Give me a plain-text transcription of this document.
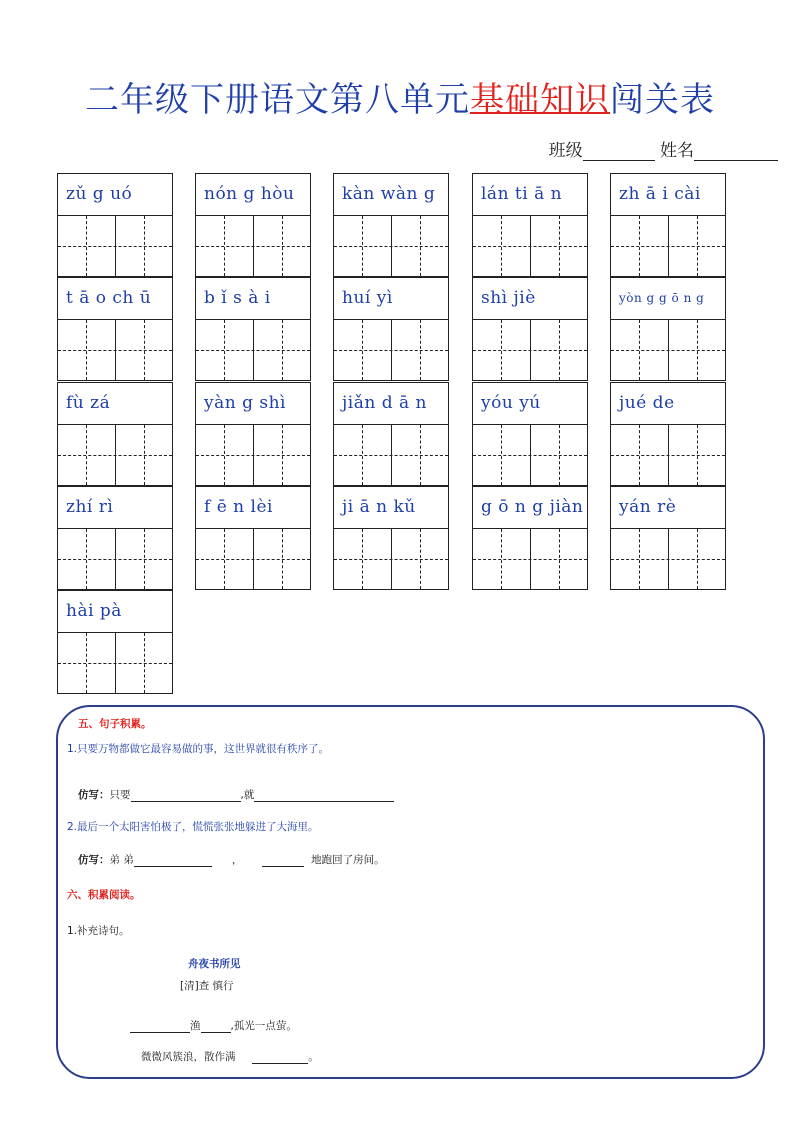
二年级下册语文第八单元基础知识闯关表
班级	姓名
zǔ g uó	nón g hòu	kàn wàn g	lán ti ā n	zh ā i cài
t ā o ch ū	b ǐ s à i	huí yì	shì jiè	yòn g g ō n g
fù zá	yàn g shì	jiǎn d ā n	yóu yú	jué de
zhí rì	f ē n lèi	ji ā n kǔ	g ō n g jiàn	yán rè
hài pà
五、句子积累。
1.只要万物都做它最容易做的事，这世界就很有秩序了。
仿写：只要	,就
2.最后一个太阳害怕极了，慌慌张张地躲进了大海里。
仿写：弟 弟	，	地跑回了房间。
六、积累阅读。
1.补充诗句。
舟夜书所见
[清]查 慎行
渔	,孤光一点萤。
微微风簇浪，散作满	。
